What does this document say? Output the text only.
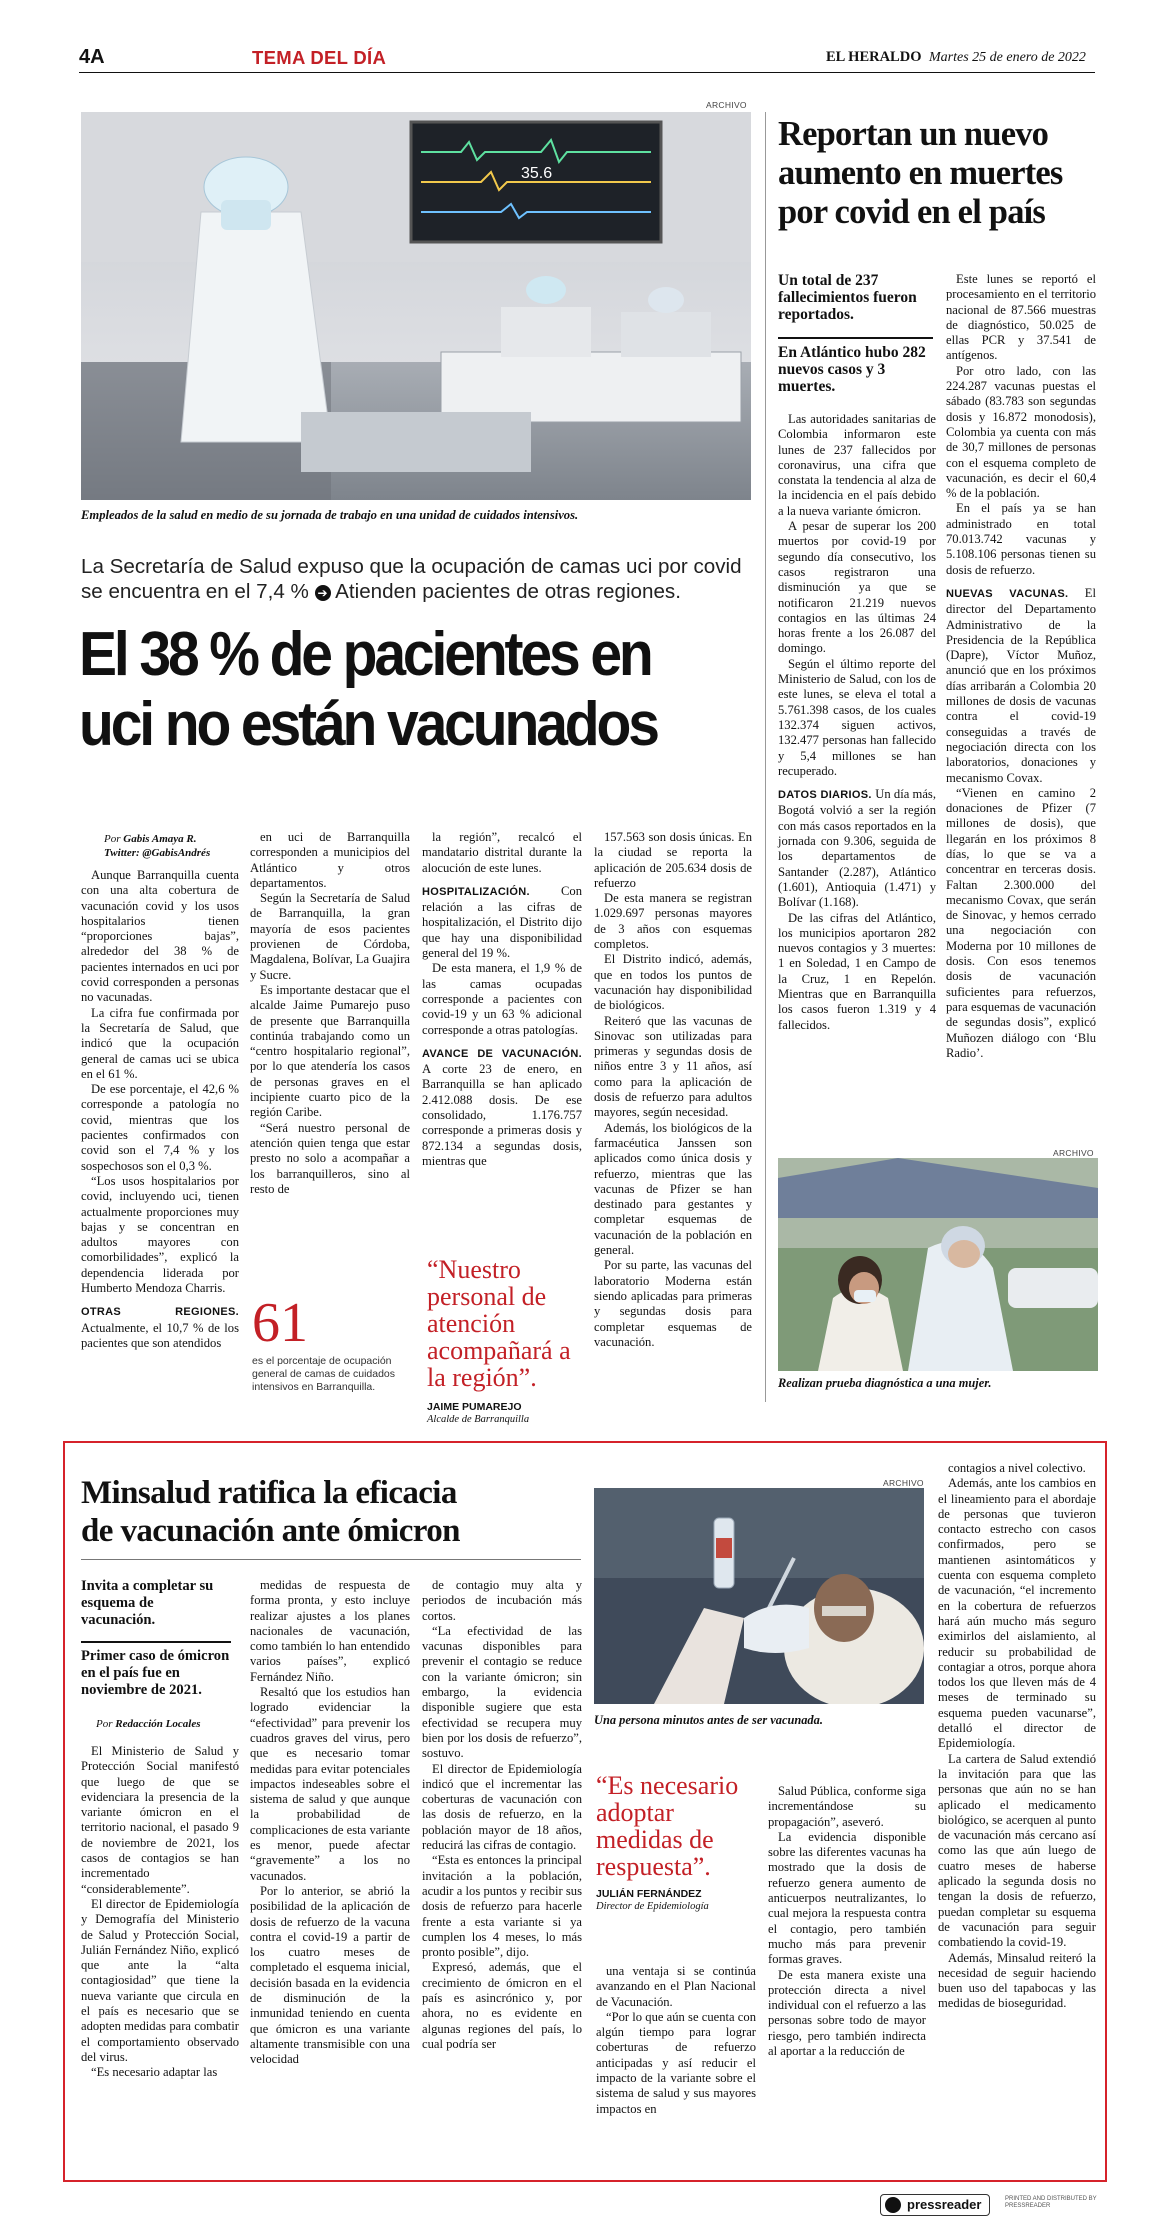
4A	TEMA DEL DÍA	EL HERALDO Martes 25 de enero de 2022
ARCHIVO
35.6
Empleados de la salud en medio de su jornada de trabajo en una unidad de cuidados intensivos.
La Secretaría de Salud expuso que la ocupación de camas uci por covid se encuentra en el 7,4 % ➔ Atienden pacientes de otras regiones.
El 38 % de pacientes en
uci no están vacunados
Por Gabis Amaya R.
Twitter: @GabisAndrés

Aunque Barranquilla cuenta con una alta cobertura de vacunación covid y los usos hospitalarios tienen “proporciones bajas”, alrededor del 38 % de pacientes internados en uci por covid corresponden a personas no vacunadas.

La cifra fue confirmada por la Secretaría de Salud, que indicó que la ocupación general de camas uci se ubica en el 61 %.

De ese porcentaje, el 42,6 % corresponde a patología no covid, mientras que los pacientes confirmados con covid son el 7,4 % y los sospechosos son el 0,3 %.

“Los usos hospitalarios por covid, incluyendo uci, tienen actualmente proporciones muy bajas y se concentran en adultos mayores con comorbilidades”, explicó la dependencia liderada por Humberto Mendoza Charris.

OTRAS REGIONES. Actualmente, el 10,7 % de los pacientes que son atendidos

en uci de Barranquilla corresponden a municipios del Atlántico y otros departamentos.

Según la Secretaría de Salud de Barranquilla, la gran mayoría de esos pacientes provienen de Córdoba, Magdalena, Bolívar, La Guajira y Sucre.

Es importante destacar que el alcalde Jaime Pumarejo puso de presente que Barranquilla continúa trabajando como un “centro hospitalario regional”, por lo que atendería los casos de personas graves en el incipiente cuarto pico de la región Caribe.

“Será nuestro personal de atención quien tenga que estar presto no solo a acompañar a los barranquilleros, sino al resto de

la región”, recalcó el mandatario distrital durante la alocución de este lunes.

HOSPITALIZACIÓN. Con relación a las cifras de hospitalización, el Distrito dijo que hay una disponibilidad general del 19 %.

De esta manera, el 1,9 % de las camas ocupadas corresponde a pacientes con covid-19 y un 63 % adicional corresponde a otras patologías.

AVANCE DE VACUNACIÓN. A corte 23 de enero, en Barranquilla se han aplicado 2.412.088 dosis. De ese consolidado, 1.176.757 corresponde a primeras dosis y 872.134 a segundas dosis, mientras que

157.563 son dosis únicas. En la ciudad se reporta la aplicación de 205.634 dosis de refuerzo

De esta manera se registran 1.029.697 personas mayores de 3 años con esquemas completos.

El Distrito indicó, además, que en todos los puntos de vacunación hay disponibilidad de biológicos.

Reiteró que las vacunas de Sinovac son utilizadas para primeras y segundas dosis de niños entre 3 y 11 años, así como para la aplicación de dosis de refuerzo para adultos mayores, según necesidad.

Además, los biológicos de la farmacéutica Janssen son aplicados como única dosis y refuerzo, mientras que las vacunas de Pfizer se han destinado para gestantes y completar esquemas de vacunación de la población en general.

Por su parte, las vacunas del laboratorio Moderna están siendo aplicadas para primeras y segundas dosis para completar esquemas de vacunación.

61
es el porcentaje de ocupación general de camas de cuidados intensivos en Barranquilla.
“Nuestro personal de atención acompañará a la región”.
JAIME PUMAREJO
Alcalde de Barranquilla
Reportan un nuevo aumento en muertes por covid en el país
Un total de 237 fallecimientos fueron reportados.
En Atlántico hubo 282 nuevos casos y 3 muertes.

Las autoridades sanitarias de Colombia informaron este lunes de 237 fallecidos por coronavirus, una cifra que constata la tendencia al alza de la incidencia en el país debido a la nueva variante ómicron.

A pesar de superar los 200 muertos por covid-19 por segundo día consecutivo, los casos registraron una disminución ya que se notificaron 21.219 nuevos contagios en las últimas 24 horas frente a los 26.087 del domingo.

Según el último reporte del Ministerio de Salud, con los de este lunes, se eleva el total a 5.761.398 casos, de los cuales 132.374 siguen activos, 132.477 personas han fallecido y 5,4 millones se han recuperado.

DATOS DIARIOS. Un día más, Bogotá volvió a ser la región con más casos reportados en la jornada con 9.306, seguida de los departamentos de Santander (2.287), Atlántico (1.601), Antioquia (1.471) y Bolívar (1.168).

De las cifras del Atlántico, los municipios aportaron 282 nuevos contagios y 3 muertes: 1 en Soledad, 1 en Campo de la Cruz, 1 en Repelón. Mientras que en Barranquilla los casos fueron 1.319 y 4 fallecidos.

Este lunes se reportó el procesamiento en el territorio nacional de 87.566 muestras de diagnóstico, 50.025 de ellas PCR y 37.541 de antígenos.

Por otro lado, con las 224.287 vacunas puestas el sábado (83.783 son segundas dosis y 16.872 monodosis), Colombia ya cuenta con más de 30,7 millones de personas con el esquema completo de vacunación, es decir el 60,4 % de la población.

En el país ya se han administrado en total 70.013.742 vacunas y 5.108.106 personas tienen su dosis de refuerzo.

NUEVAS VACUNAS. El director del Departamento Administrativo de la Presidencia de la República (Dapre), Víctor Muñoz, anunció que en los próximos días arribarán a Colombia 20 millones de dosis de vacunas contra el covid-19 conseguidas a través de negociación directa con los laboratorios, donaciones y mecanismo Covax.

“Vienen en camino 2 donaciones de Pfizer (7 millones de dosis), que llegarán en los próximos 8 días, lo que se va a concentrar en terceras dosis. Faltan 2.300.000 del mecanismo Covax, que serán de Sinovac, y hemos cerrado una negociación con Moderna por 10 millones de dosis. Con esos tenemos dosis de vacunación suficientes para refuerzos, para esquemas de vacunación de segundas dosis”, explicó Muñozen diálogo con ‘Blu Radio’.

ARCHIVO
Realizan prueba diagnóstica a una mujer.
Minsalud ratifica la eficacia
de vacunación ante ómicron
Invita a completar su esquema de vacunación.
Primer caso de ómicron en el país fue en noviembre de 2021.
Por Redacción Locales

El Ministerio de Salud y Protección Social manifestó que luego de que se evidenciara la presencia de la variante ómicron en el territorio nacional, el pasado 9 de noviembre de 2021, los casos de contagios se han incrementado “considerablemente”.

El director de Epidemiología y Demografía del Ministerio de Salud y Protección Social, Julián Fernández Niño, explicó que ante la “alta contagiosidad” que tiene la nueva variante que circula en el país es necesario que se adopten medidas para combatir el comportamiento observado del virus.

“Es necesario adaptar las

medidas de respuesta de forma pronta, y esto incluye realizar ajustes a los planes nacionales de vacunación, como también lo han entendido varios países”, explicó Fernández Niño.

Resaltó que los estudios han logrado evidenciar la “efectividad” para prevenir los cuadros graves del virus, pero que es necesario tomar medidas para evitar potenciales impactos indeseables sobre el sistema de salud y que aunque la probabilidad de complicaciones de esta variante es menor, puede afectar “gravemente” a los no vacunados.

Por lo anterior, se abrió la posibilidad de la aplicación de dosis de refuerzo de la vacuna contra el covid-19 a partir de los cuatro meses de completado el esquema inicial, decisión basada en la evidencia de disminución de la inmunidad teniendo en cuenta que ómicron es una variante altamente transmisible con una velocidad

de contagio muy alta y periodos de incubación más cortos.

“La efectividad de las vacunas disponibles para prevenir el contagio se reduce con la variante ómicron; sin embargo, la evidencia disponible sugiere que esta efectividad se recupera muy bien por los dosis de refuerzo”, sostuvo.

El director de Epidemiología indicó que el incrementar las coberturas de vacunación con las dosis de refuerzo, en la población mayor de 18 años, reducirá las cifras de contagio.

“Esta es entonces la principal invitación a la población, acudir a los puntos y recibir sus dosis de refuerzo para hacerle frente a esta variante si ya cumplen los 4 meses, lo más pronto posible”, dijo.

Expresó, además, que el crecimiento de ómicron en el país es asincrónico y, por ahora, no es evidente en algunas regiones del país, lo cual podría ser

ARCHIVO
Una persona minutos antes de ser vacunada.
“Es necesario adoptar medidas de respuesta”.
JULIÁN FERNÁNDEZ
Director de Epidemiología

una ventaja si se continúa avanzando en el Plan Nacional de Vacunación.

“Por lo que aún se cuenta con algún tiempo para lograr coberturas de refuerzo anticipadas y así reducir el impacto de la variante sobre el sistema de salud y sus mayores impactos en

Salud Pública, conforme siga incrementándose su propagación”, aseveró.

La evidencia disponible sobre las diferentes vacunas ha mostrado que la dosis de refuerzo genera aumento de anticuerpos neutralizantes, lo cual mejora la respuesta contra el contagio, pero también mucho más para prevenir formas graves.

De esta manera existe una protección directa a nivel individual con el refuerzo a las personas sobre todo de mayor riesgo, pero también indirecta al aportar a la reducción de

contagios a nivel colectivo.

Además, ante los cambios en el lineamiento para el abordaje de personas que tuvieron contacto estrecho con casos confirmados, pero se mantienen asintomáticos y cuenta con esquema completo de vacunación, “el incremento en la cobertura de refuerzos hará aún mucho más seguro eximirlos del aislamiento, al reducir su probabilidad de contagiar a otros, porque ahora todos los que lleven más de 4 meses de terminado su esquema pueden vacunarse”, detalló el director de Epidemiología.

La cartera de Salud extendió la invitación para que las personas que aún no se han aplicado el medicamento biológico, se acerquen al punto de vacunación más cercano así como las que aún luego de cuatro meses de haberse aplicado la segunda dosis no tengan la dosis de refuerzo, puedan completar su esquema de vacunación para seguir combatiendo la covid-19.

Además, Minsalud reiteró la necesidad de seguir haciendo buen uso del tapabocas y las medidas de bioseguridad.

pressreader	PRINTED AND DISTRIBUTED BY PRESSREADER
